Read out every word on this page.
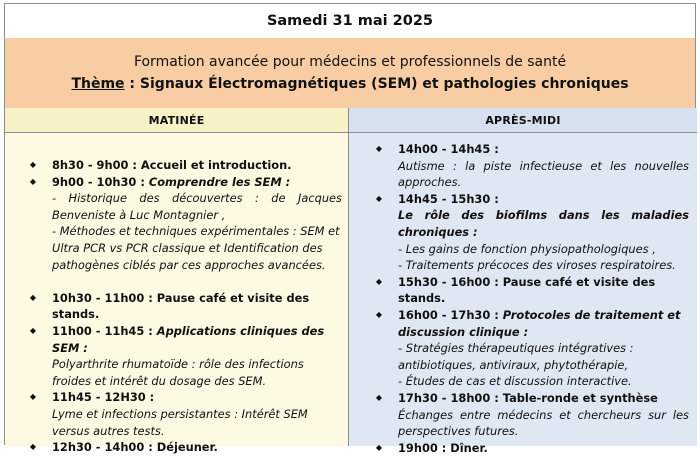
Samedi 31 mai 2025
Formation avancée pour médecins et professionnels de santé
Thème : Signaux Électromagnétiques (SEM) et pathologies chroniques
MATINÉE
◆ 8h30 - 9h00 : Accueil et introduction.
◆ 9h00 - 10h30 : Comprendre les SEM :
- Historique des découvertes : de Jacques Benveniste à Luc Montagnier ,
- Méthodes et techniques expérimentales : SEM et Ultra PCR vs PCR classique et Identification des pathogènes ciblés par ces approches avancées.
◆ 10h30 - 11h00 : Pause café et visite des stands.
◆ 11h00 - 11h45 : Applications cliniques des SEM :
Polyarthrite rhumatoïde : rôle des infections froides et intérêt du dosage des SEM.
◆ 11h45 - 12H30 :
Lyme et infections persistantes : Intérêt SEM versus autres tests.
◆ 12h30 - 14h00 : Déjeuner.
APRÈS-MIDI
◆ 14h00 - 14h45 :
Autisme : la piste infectieuse et les nouvelles approches.
◆ 14h45 - 15h30 :
Le rôle des biofilms dans les maladies chroniques :
- Les gains de fonction physiopathologiques ,
- Traitements précoces des viroses respiratoires.
◆ 15h30 - 16h00 : Pause café et visite des stands.
◆ 16h00 - 17h30 : Protocoles de traitement et discussion clinique :
- Stratégies thérapeutiques intégratives : antibiotiques, antiviraux, phytothérapie,
- Études de cas et discussion interactive.
◆ 17h30 - 18h00 : Table-ronde et synthèse
Échanges entre médecins et chercheurs sur les perspectives futures.
◆ 19h00 : Dîner.
